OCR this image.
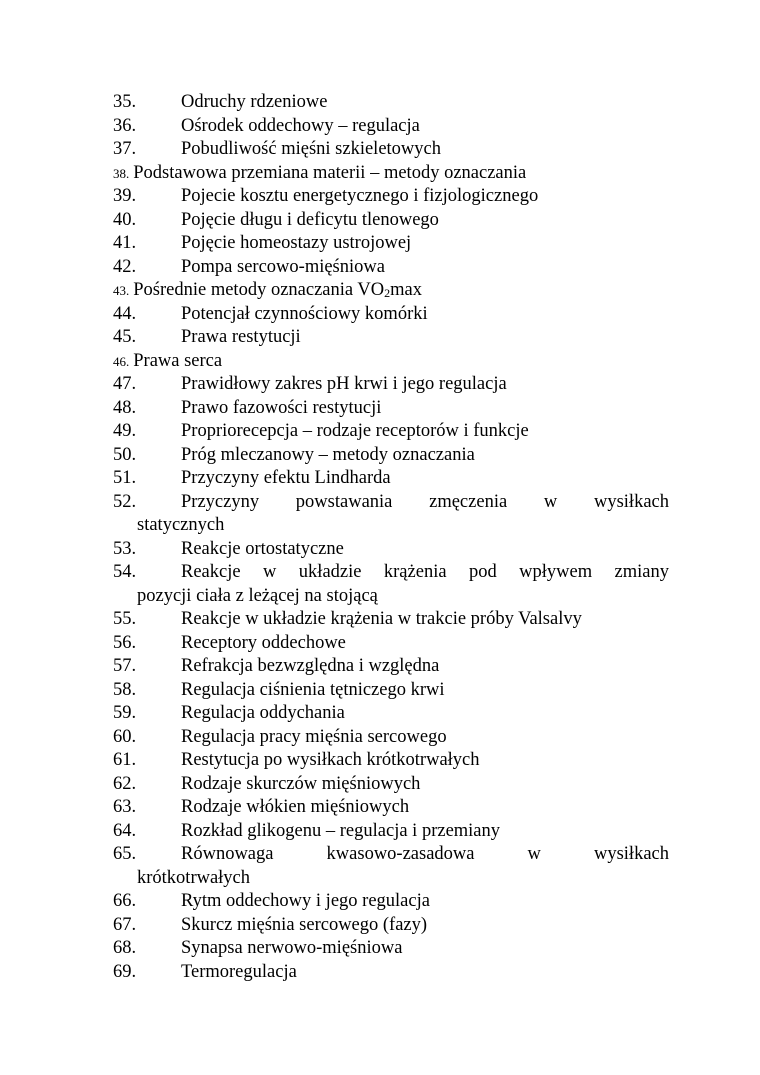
35.	Odruchy rdzeniowe
36.	Ośrodek oddechowy – regulacja
37.	Pobudliwość mięśni szkieletowych
38. Podstawowa przemiana materii – metody oznaczania
39.	Pojecie kosztu energetycznego i fizjologicznego
40.	Pojęcie długu i deficytu tlenowego
41.	Pojęcie homeostazy ustrojowej
42.	Pompa sercowo-mięśniowa
43. Pośrednie metody oznaczania $VO_2\max$
44.	Potencjał czynnościowy komórki
45.	Prawa restytucji
46. Prawa serca
47.	Prawidłowy zakres pH krwi i jego regulacja
48.	Prawo fazowości restytucji
49.	Propriorecepcja – rodzaje receptorów i funkcje
50.	Próg mleczanowy – metody oznaczania
51.	Przyczyny efektu Lindharda
52. Przyczyny powstawania zmęczenia w wysiłkach
statycznych
53.	Reakcje ortostatyczne
54. Reakcje w układzie krążenia pod wpływem zmiany
pozycji ciała z leżącej na stojącą
55.	Reakcje w układzie krążenia w trakcie próby Valsalvy
56.	Receptory oddechowe
57.	Refrakcja bezwzględna i względna
58.	Regulacja ciśnienia tętniczego krwi
59.	Regulacja oddychania
60.	Regulacja pracy mięśnia sercowego
61.	Restytucja po wysiłkach krótkotrwałych
62.	Rodzaje skurczów mięśniowych
63.	Rodzaje włókien mięśniowych
64.	Rozkład glikogenu – regulacja i przemiany
65. Równowaga kwasowo-zasadowa w wysiłkach
krótkotrwałych
66.	Rytm oddechowy i jego regulacja
67.	Skurcz mięśnia sercowego (fazy)
68.	Synapsa nerwowo-mięśniowa
69.	Termoregulacja
